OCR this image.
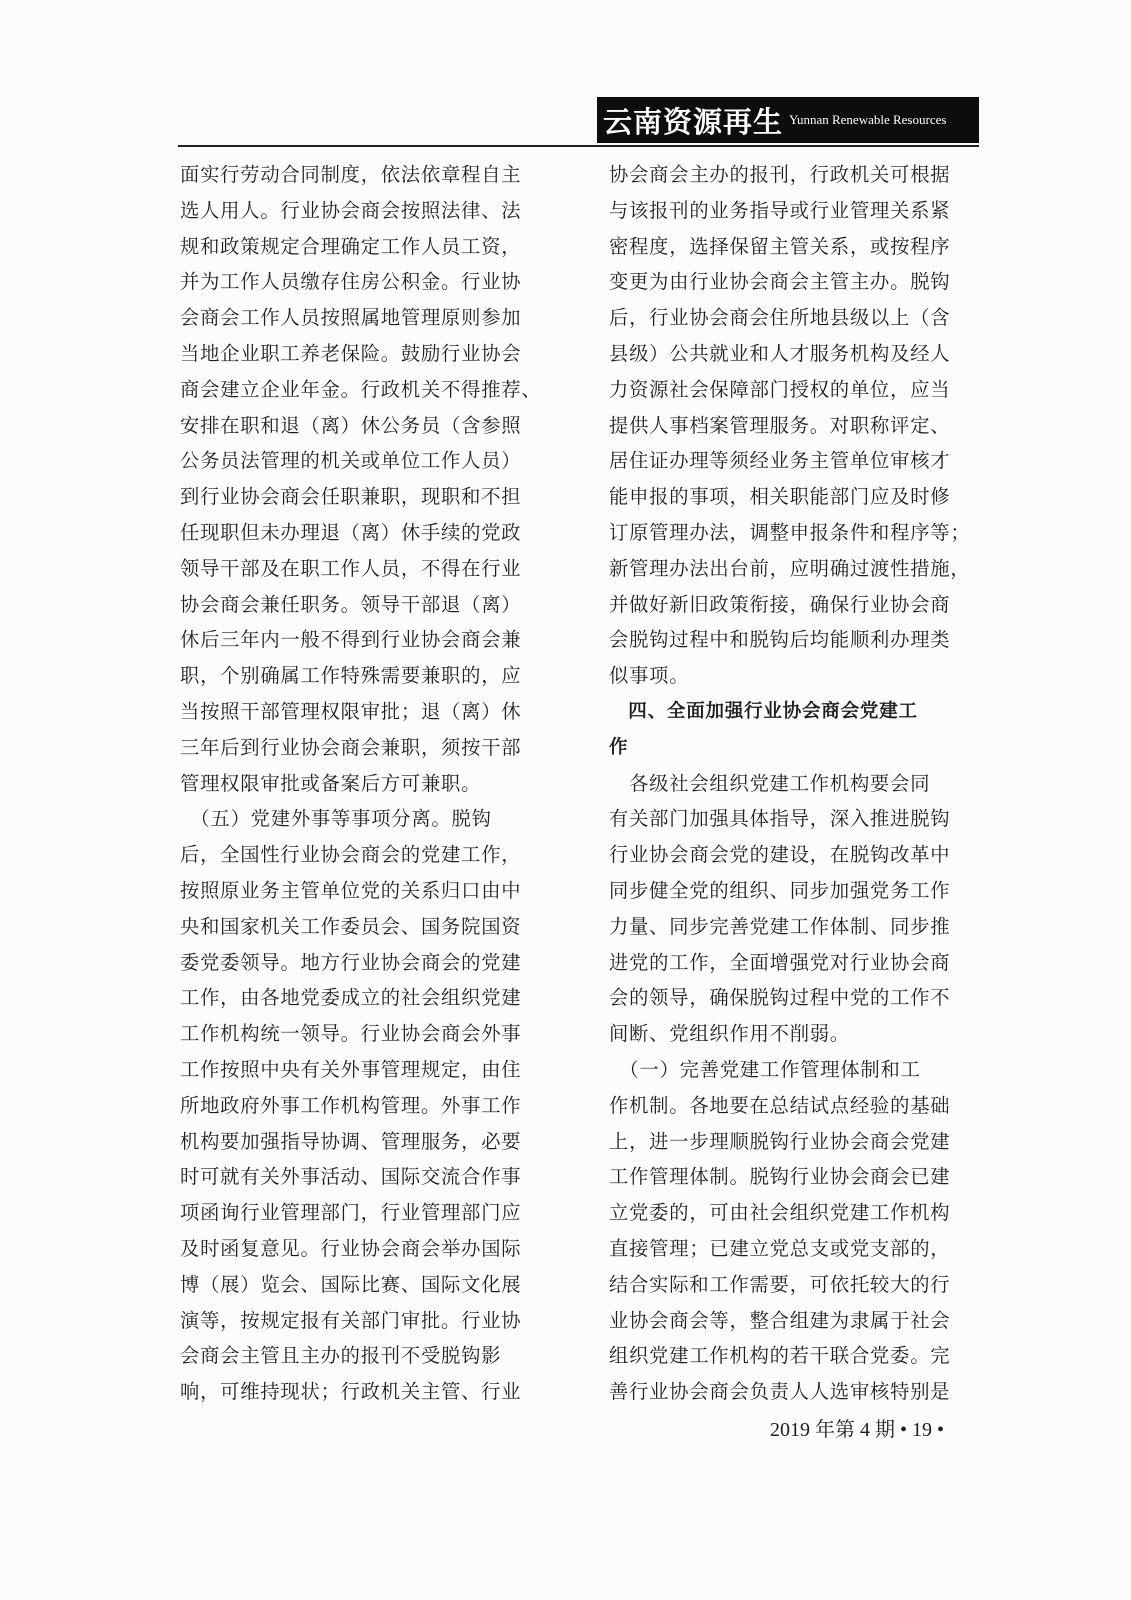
云南资源再生 Yunnan Renewable Resources
面实行劳动合同制度，依法依章程自主
选人用人。行业协会商会按照法律、法
规和政策规定合理确定工作人员工资，
并为工作人员缴存住房公积金。行业协
会商会工作人员按照属地管理原则参加
当地企业职工养老保险。鼓励行业协会
商会建立企业年金。行政机关不得推荐、
安排在职和退（离）休公务员（含参照
公务员法管理的机关或单位工作人员）
到行业协会商会任职兼职，现职和不担
任现职但未办理退（离）休手续的党政
领导干部及在职工作人员，不得在行业
协会商会兼任职务。领导干部退（离）
休后三年内一般不得到行业协会商会兼
职，个别确属工作特殊需要兼职的，应
当按照干部管理权限审批；退（离）休
三年后到行业协会商会兼职，须按干部
管理权限审批或备案后方可兼职。
　（五）党建外事等事项分离。脱钩
后，全国性行业协会商会的党建工作，
按照原业务主管单位党的关系归口由中
央和国家机关工作委员会、国务院国资
委党委领导。地方行业协会商会的党建
工作，由各地党委成立的社会组织党建
工作机构统一领导。行业协会商会外事
工作按照中央有关外事管理规定，由住
所地政府外事工作机构管理。外事工作
机构要加强指导协调、管理服务，必要
时可就有关外事活动、国际交流合作事
项函询行业管理部门，行业管理部门应
及时函复意见。行业协会商会举办国际
博（展）览会、国际比赛、国际文化展
演等，按规定报有关部门审批。行业协
会商会主管且主办的报刊不受脱钩影
响，可维持现状；行政机关主管、行业
协会商会主办的报刊，行政机关可根据
与该报刊的业务指导或行业管理关系紧
密程度，选择保留主管关系，或按程序
变更为由行业协会商会主管主办。脱钩
后，行业协会商会住所地县级以上（含
县级）公共就业和人才服务机构及经人
力资源社会保障部门授权的单位，应当
提供人事档案管理服务。对职称评定、
居住证办理等须经业务主管单位审核才
能申报的事项，相关职能部门应及时修
订原管理办法，调整申报条件和程序等；
新管理办法出台前，应明确过渡性措施，
并做好新旧政策衔接，确保行业协会商
会脱钩过程中和脱钩后均能顺利办理类
似事项。
　四、全面加强行业协会商会党建工
作
　各级社会组织党建工作机构要会同
有关部门加强具体指导，深入推进脱钩
行业协会商会党的建设，在脱钩改革中
同步健全党的组织、同步加强党务工作
力量、同步完善党建工作体制、同步推
进党的工作，全面增强党对行业协会商
会的领导，确保脱钩过程中党的工作不
间断、党组织作用不削弱。
　（一）完善党建工作管理体制和工
作机制。各地要在总结试点经验的基础
上，进一步理顺脱钩行业协会商会党建
工作管理体制。脱钩行业协会商会已建
立党委的，可由社会组织党建工作机构
直接管理；已建立党总支或党支部的，
结合实际和工作需要，可依托较大的行
业协会商会等，整合组建为隶属于社会
组织党建工作机构的若干联合党委。完
善行业协会商会负责人人选审核特别是
2019 年第 4 期 • 19 •
